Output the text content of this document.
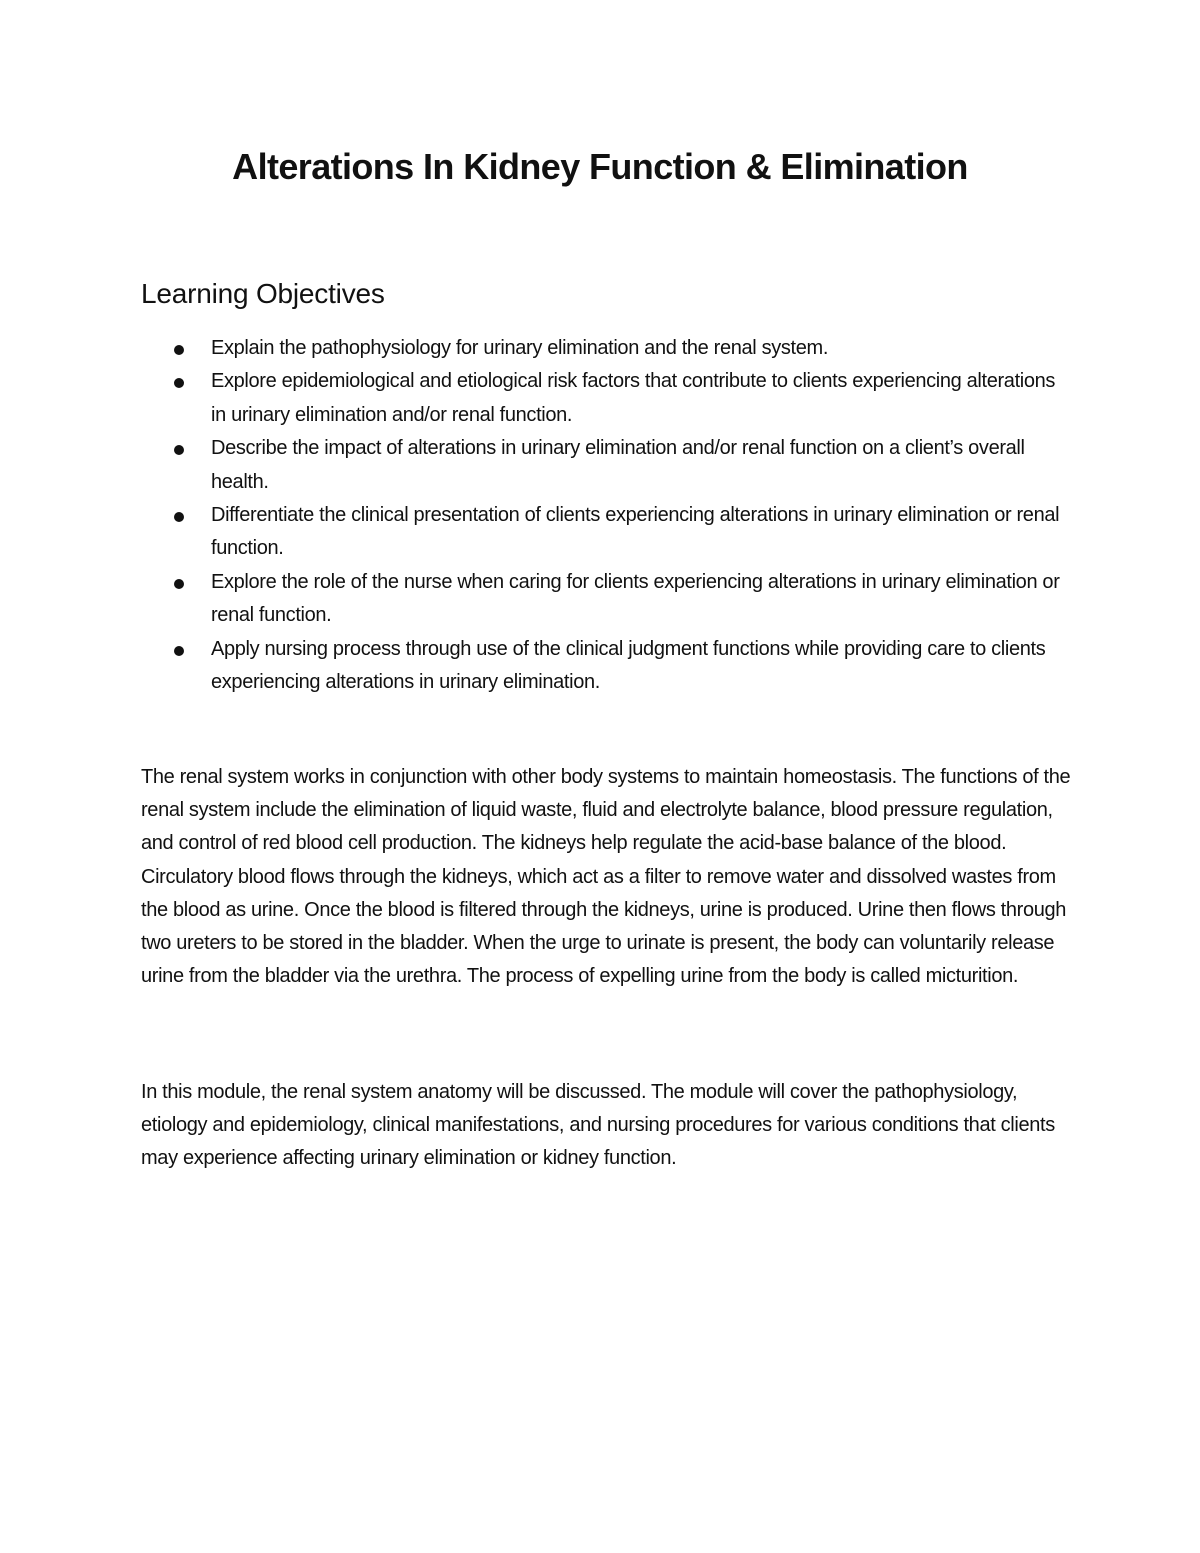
Alterations In Kidney Function & Elimination
Learning Objectives
Explain the pathophysiology for urinary elimination and the renal system.
Explore epidemiological and etiological risk factors that contribute to clients experiencing alterations in urinary elimination and/or renal function.
Describe the impact of alterations in urinary elimination and/or renal function on a client’s overall health.
Differentiate the clinical presentation of clients experiencing alterations in urinary elimination or renal function.
Explore the role of the nurse when caring for clients experiencing alterations in urinary elimination or renal function.
Apply nursing process through use of the clinical judgment functions while providing care to clients experiencing alterations in urinary elimination.

The renal system works in conjunction with other body systems to maintain homeostasis. The functions of the renal system include the elimination of liquid waste, fluid and electrolyte balance, blood pressure regulation, and control of red blood cell production. The kidneys help regulate the acid-base balance of the blood. Circulatory blood flows through the kidneys, which act as a filter to remove water and dissolved wastes from the blood as urine. Once the blood is filtered through the kidneys, urine is produced. Urine then flows through two ureters to be stored in the bladder. When the urge to urinate is present, the body can voluntarily release urine from the bladder via the urethra. The process of expelling urine from the body is called micturition.

In this module, the renal system anatomy will be discussed. The module will cover the pathophysiology, etiology and epidemiology, clinical manifestations, and nursing procedures for various conditions that clients may experience affecting urinary elimination or kidney function.
